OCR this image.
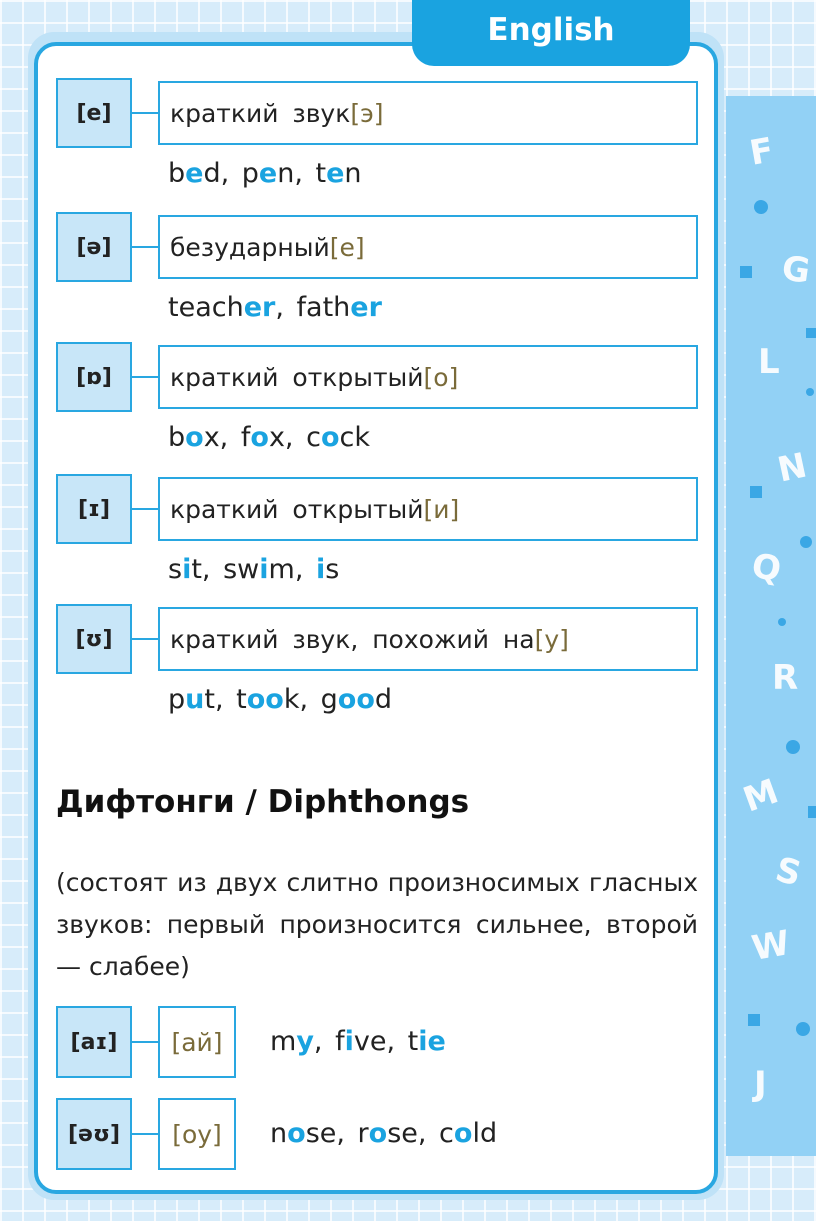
F
G
L
N
Q
R
M
S
W
J
English
[e]	краткий звук [э]
bed, pen, ten
[ə]	безударный [е]
teacher, father
[ɒ]	краткий открытый [о]
box, fox, cock
[ɪ]	краткий открытый [и]
sit, swim, is
[ʊ]	краткий звук, похожий на [у]
put, took, good
Дифтонги / Diphthongs
(состоят из двух слитно произносимых гласных звуков: первый произносится сильнее, второй — слабее)
[aɪ]	[ай]	my, five, tie
[əʊ]	[оу]	nose, rose, cold
